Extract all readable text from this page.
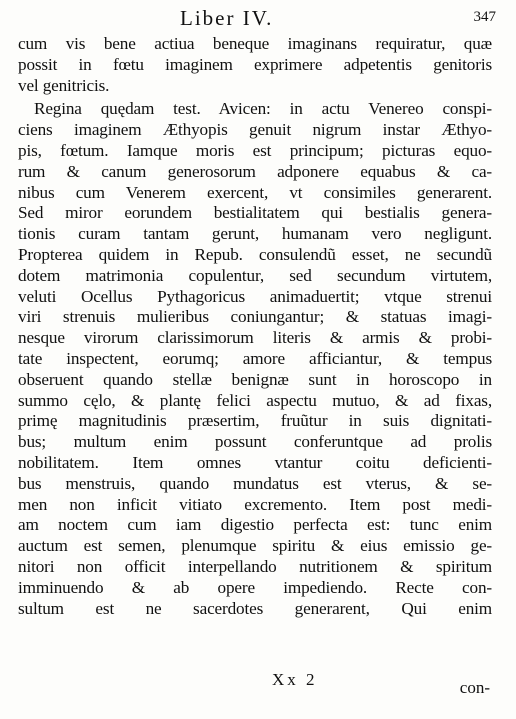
Liber IV.	347
cum vis bene actiua beneque imaginans requiratur, quæ
possit in fœtu imaginem exprimere adpetentis genitoris
vel genitricis.
Regina quędam test. Avicen: in actu Venereo conspi-
ciens imaginem Æthyopis genuit nigrum instar Æthyo-
pis, fœtum. Iamque moris est principum; picturas equo-
rum & canum generosorum adponere equabus & ca-
nibus cum Venerem exercent, vt consimiles generarent.
Sed miror eorundem bestialitatem qui bestialis genera-
tionis curam tantam gerunt, humanam vero negligunt.
Propterea quidem in Repub. consulendũ esset, ne secundũ
dotem matrimonia copulentur, sed secundum virtutem,
veluti Ocellus Pythagoricus animaduertit; vtque strenui
viri strenuis mulieribus coniungantur; & statuas imagi-
nesque virorum clarissimorum literis & armis & probi-
tate inspectent, eorumq; amore afficiantur, & tempus
obseruent quando stellæ benignæ sunt in horoscopo in
summo cęlo, & plantę felici aspectu mutuo, & ad fixas,
primę magnitudinis præsertim, fruũtur in suis dignitati-
bus; multum enim possunt conferuntque ad prolis
nobilitatem. Item omnes vtantur coitu deficienti-
bus menstruis, quando mundatus est vterus, & se-
men non inficit vitiato excremento. Item post medi-
am noctem cum iam digestio perfecta est: tunc enim
auctum est semen, plenumque spiritu & eius emissio ge-
nitori non officit interpellando nutritionem & spiritum
imminuendo & ab opere impediendo. Recte con-
sultum est ne sacerdotes generarent, Qui enim
Xx 2	con-
